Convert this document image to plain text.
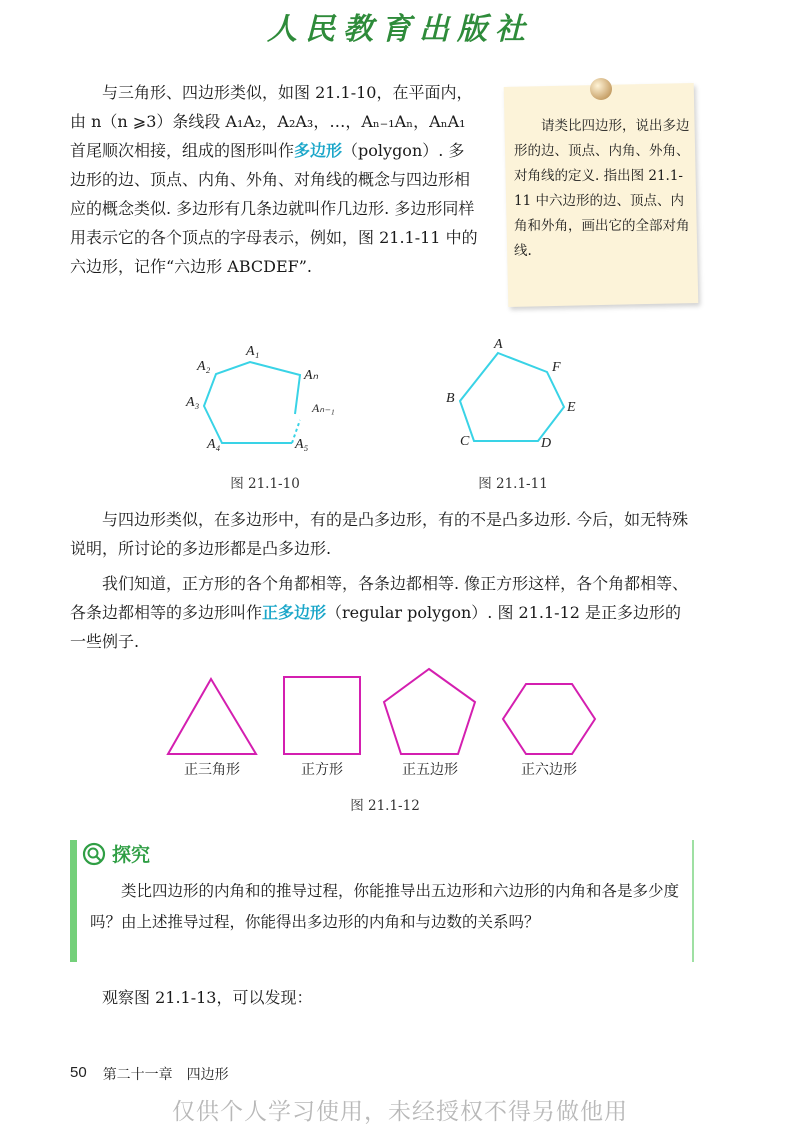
人民教育出版社

与三角形、四边形类似，如图 21.1-10，在平面内，由 n（n ⩾3）条线段 A₁A₂，A₂A₃，…，Aₙ₋₁Aₙ，AₙA₁ 首尾顺次相接，组成的图形叫作多边形（polygon）. 多边形的边、顶点、内角、外角、对角线的概念与四边形相应的概念类似. 多边形有几条边就叫作几边形. 多边形同样用表示它的各个顶点的字母表示，例如，图 21.1-11 中的六边形，记作“六边形 ABCDEF”.

请类比四边形，说出多边形的边、顶点、内角、外角、对角线的定义. 指出图 21.1-11 中六边形的边、顶点、内角和外角，画出它的全部对角线.

A₁
A₂
A₃
A₄	A₅
Aₙ
Aₙ₋₁
图 21.1-10
A
B
C	D
E
F
图 21.1-11

与四边形类似，在多边形中，有的是凸多边形，有的不是凸多边形. 今后，如无特殊说明，所讨论的多边形都是凸多边形.

我们知道，正方形的各个角都相等，各条边都相等. 像正方形这样，各个角都相等、各条边都相等的多边形叫作正多边形（regular polygon）. 图 21.1-12 是正多边形的一些例子.

正三角形	正方形	正五边形	正六边形
图 21.1-12
探究

类比四边形的内角和的推导过程，你能推导出五边形和六边形的内角和各是多少度吗？由上述推导过程，你能得出多边形的内角和与边数的关系吗？

观察图 21.1-13，可以发现：

50 第二十一章　四边形
仅供个人学习使用，未经授权不得另做他用
